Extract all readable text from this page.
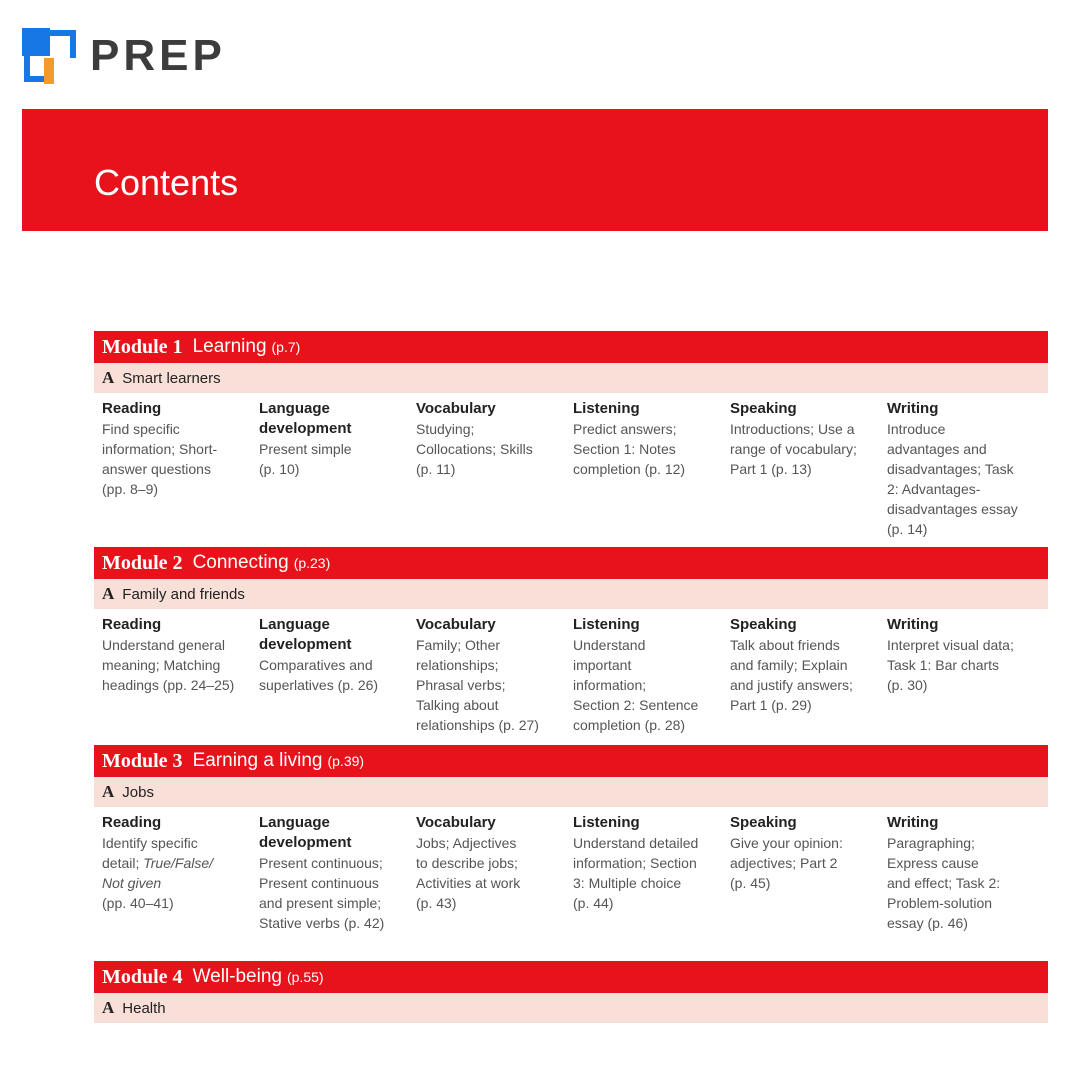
PREP
Contents
Module 1 Learning (p.7)
A Smart learners
Reading
Find specific
information; Short-
answer questions
(pp. 8–9)
Language
development
Present simple
(p. 10)
Vocabulary
Studying;
Collocations; Skills
(p. 11)
Listening
Predict answers;
Section 1: Notes
completion (p. 12)
Speaking
Introductions; Use a
range of vocabulary;
Part 1 (p. 13)
Writing
Introduce
advantages and
disadvantages; Task
2: Advantages-
disadvantages essay
(p. 14)
Module 2 Connecting (p.23)
A Family and friends
Reading
Understand general
meaning; Matching
headings (pp. 24–25)
Language
development
Comparatives and
superlatives (p. 26)
Vocabulary
Family; Other
relationships;
Phrasal verbs;
Talking about
relationships (p. 27)
Listening
Understand
important
information;
Section 2: Sentence
completion (p. 28)
Speaking
Talk about friends
and family; Explain
and justify answers;
Part 1 (p. 29)
Writing
Interpret visual data;
Task 1: Bar charts
(p. 30)
Module 3 Earning a living (p.39)
A Jobs
Reading
Identify specific
detail; True/False/
Not given
(pp. 40–41)
Language
development
Present continuous;
Present continuous
and present simple;
Stative verbs (p. 42)
Vocabulary
Jobs; Adjectives
to describe jobs;
Activities at work
(p. 43)
Listening
Understand detailed
information; Section
3: Multiple choice
(p. 44)
Speaking
Give your opinion:
adjectives; Part 2
(p. 45)
Writing
Paragraphing;
Express cause
and effect; Task 2:
Problem-solution
essay (p. 46)
Module 4 Well-being (p.55)
A Health
